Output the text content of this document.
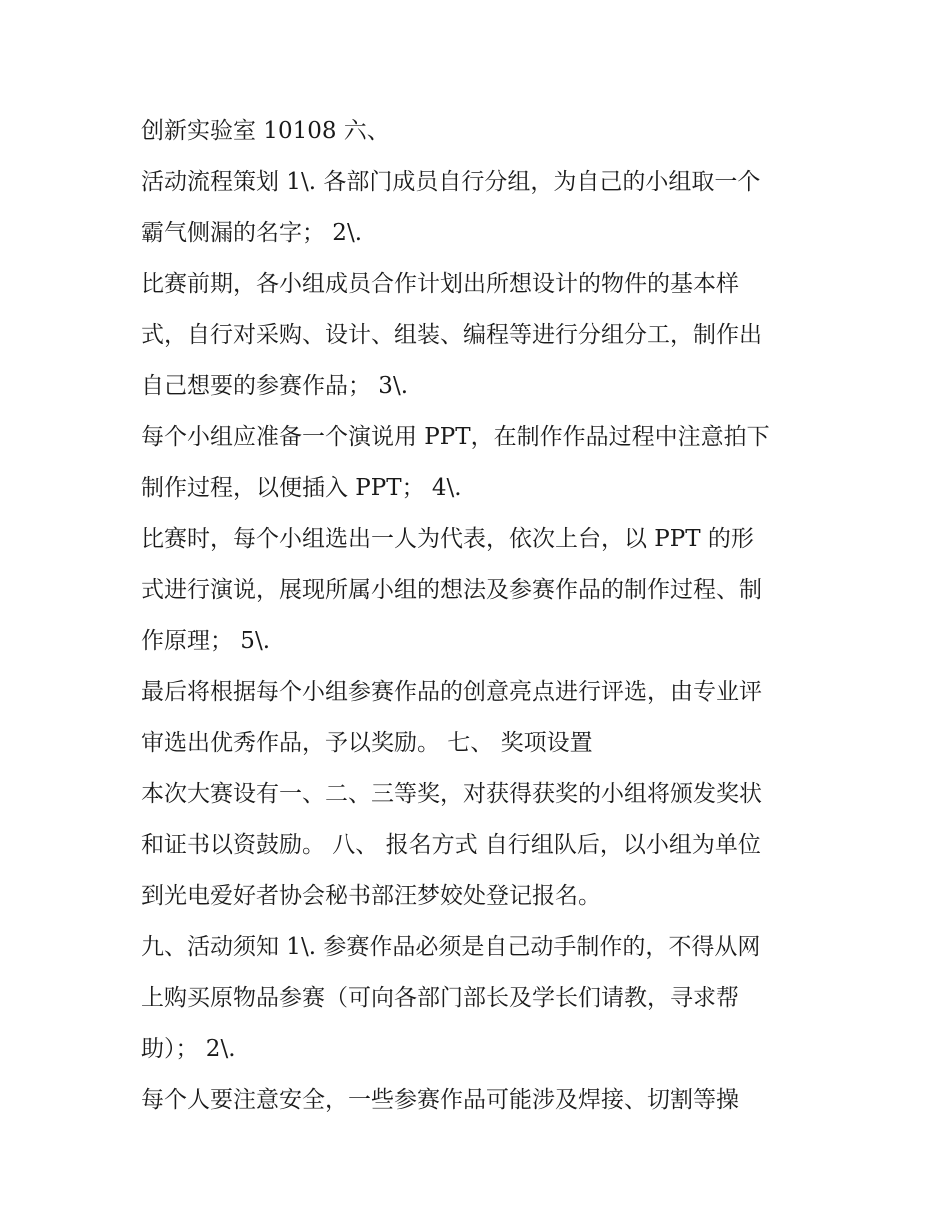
创新实验室 10108 六、
活动流程策划 1\. 各部门成员自行分组，为自己的小组取一个
霸气侧漏的名字； 2\.
比赛前期，各小组成员合作计划出所想设计的物件的基本样
式，自行对采购、设计、组装、编程等进行分组分工，制作出
自己想要的参赛作品； 3\.
每个小组应准备一个演说用 PPT，在制作作品过程中注意拍下
制作过程，以便插入 PPT； 4\.
比赛时，每个小组选出一人为代表，依次上台，以 PPT 的形
式进行演说，展现所属小组的想法及参赛作品的制作过程、制
作原理； 5\.
最后将根据每个小组参赛作品的创意亮点进行评选，由专业评
审选出优秀作品，予以奖励。 七、 奖项设置
本次大赛设有一、二、三等奖，对获得获奖的小组将颁发奖状
和证书以资鼓励。 八、 报名方式 自行组队后，以小组为单位
到光电爱好者协会秘书部汪梦姣处登记报名。
九、活动须知 1\. 参赛作品必须是自己动手制作的，不得从网
上购买原物品参赛（可向各部门部长及学长们请教，寻求帮
助）； 2\.
每个人要注意安全，一些参赛作品可能涉及焊接、切割等操
